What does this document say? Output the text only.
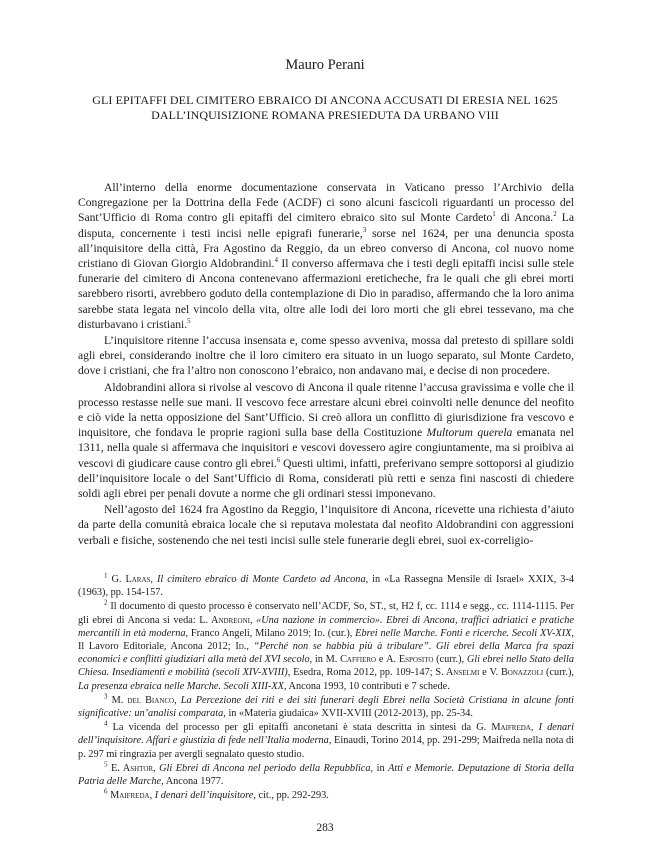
Mauro Perani
GLI EPITAFFI DEL CIMITERO EBRAICO DI ANCONA ACCUSATI DI ERESIA NEL 1625
DALL’INQUISIZIONE ROMANA PRESIEDUTA DA URBANO VIII

All’interno della enorme documentazione conservata in Vaticano presso l’Archivio della Congregazione per la Dottrina della Fede (ACDF) ci sono alcuni fascicoli riguardanti un processo del Sant’Ufficio di Roma contro gli epitaffi del cimitero ebraico sito sul Monte Cardeto$^1$ di Ancona.$^2$ La disputa, concernente i testi incisi nelle epigrafi funerarie,$^3$ sorse nel 1624, per una denuncia sposta all’inquisitore della città, Fra Agostino da Reggio, da un ebreo converso di Ancona, col nuovo nome cristiano di Giovan Giorgio Aldobrandini.$^4$ Il converso affermava che i testi degli epitaffi incisi sulle stele funerarie del cimitero di Ancona contenevano affermazioni ereticheche, fra le quali che gli ebrei morti sarebbero risorti, avrebbero goduto della contemplazione di Dio in paradiso, affermando che la loro anima sarebbe stata legata nel vincolo della vita, oltre alle lodi dei loro morti che gli ebrei tessevano, ma che disturbavano i cristiani.$^5$

L’inquisitore ritenne l’accusa insensata e, come spesso avveniva, mossa dal pretesto di spillare soldi agli ebrei, considerando inoltre che il loro cimitero era situato in un luogo separato, sul Monte Cardeto, dove i cristiani, che fra l’altro non conoscono l’ebraico, non andavano mai, e decise di non procedere.

Aldobrandini allora si rivolse al vescovo di Ancona il quale ritenne l’accusa gravissima e volle che il processo restasse nelle sue mani. Il vescovo fece arrestare alcuni ebrei coinvolti nelle denunce del neofito e ciò vide la netta opposizione del Sant’Ufficio. Si creò allora un conflitto di giurisdizione fra vescovo e inquisitore, che fondava le proprie ragioni sulla base della Costituzione Multorum querela emanata nel 1311, nella quale si affermava che inquisitori e vescovi dovessero agire congiuntamente, ma si proibiva ai vescovi di giudicare cause contro gli ebrei.$^6$ Questi ultimi, infatti, preferivano sempre sottoporsi al giudizio dell’inquisitore locale o del Sant’Ufficio di Roma, considerati più retti e senza fini nascosti di chiedere soldi agli ebrei per penali dovute a norme che gli ordinari stessi imponevano.

Nell’agosto del 1624 fra Agostino da Reggio, l’inquisitore di Ancona, ricevette una richiesta d’aiuto da parte della comunità ebraica locale che si reputava molestata dal neofito Aldobrandini con aggressioni verbali e fisiche, sostenendo che nei testi incisi sulle stele funerarie degli ebrei, suoi ex-correligio-

$^1$ G. Laras, Il cimitero ebraico di Monte Cardeto ad Ancona, in «La Rassegna Mensile di Israel» XXIX, 3-4 (1963), pp. 154-157.

$^2$ Il documento di questo processo è conservato nell’ACDF, So, ST., st, H2 f, cc. 1114 e segg., cc. 1114-1115. Per gli ebrei di Ancona si veda: L. Andreoni, «Una nazione in commercio». Ebrei di Ancona, traffici adriatici e pratiche mercantili in età moderna, Franco Angeli, Milano 2019; Id. (cur.), Ebrei nelle Marche. Fonti e ricerche. Secoli XV-XIX, Il Lavoro Editoriale, Ancona 2012; Id., “Perché non se habbia più à tribulare”. Gli ebrei della Marca fra spazi economici e conflitti giudiziari alla metà del XVI secolo, in M. Caffiero e A. Esposito (curr.), Gli ebrei nello Stato della Chiesa. Insediamenti e mobilità (secoli XIV-XVIII), Esedra, Roma 2012, pp. 109-147; S. Anselmi e V. Bonazzoli (curr.), La presenza ebraica nelle Marche. Secoli XIII-XX, Ancona 1993, 10 contributi e 7 schede.

$^3$ M. del Bianco, La Percezione dei riti e dei siti funerari degli Ebrei nella Società Cristiana in alcune fonti significative: un’analisi comparata, in «Materia giudaica» XVII-XVIII (2012-2013), pp. 25-34.

$^4$ La vicenda del processo per gli epitaffi anconetani è stata descritta in sintesi da G. Maifreda, I denari dell’inquisitore. Affari e giustizia di fede nell’Italia moderna, Einaudi, Torino 2014, pp. 291-299; Maifreda nella nota di p. 297 mi ringrazia per avergli segnalato questo studio.

$^5$ E. Ashtor, Gli Ebrei di Ancona nel periodo della Repubblica, in Atti e Memorie. Deputazione di Storia della Patria delle Marche, Ancona 1977.

$^6$ Maifreda, I denari dell’inquisitore, cit., pp. 292-293.

283
